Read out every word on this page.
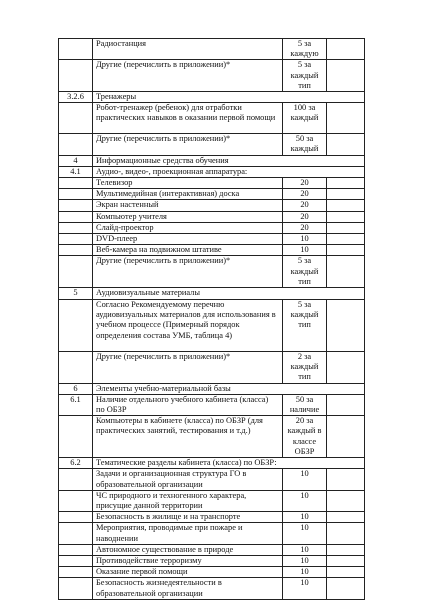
	Радиостанция	5 за каждую	
	Другие (перечислить в приложении)*	5 за каждый тип	
3.2.6	Тренажеры		
	Робот-тренажер (ребенок) для отработки практических навыков в оказании первой помощи	100 за каждый	
	Другие (перечислить в приложении)*	50 за каждый	
4	Информационные средства обучения		
4.1	Аудио-, видео-, проекционная аппаратура:		
	Телевизор	20	
	Мультимедийная (интерактивная) доска	20	
	Экран настенный	20	
	Компьютер учителя	20	
	Слайд-проектор	20	
	DVD-плеер	10	
	Веб-камера на подвижном штативе	10	
	Другие (перечислить в приложении)*	5 за каждый тип	
5	Аудиовизуальные материалы		
	Согласно Рекомендуемому перечню аудиовизуальных материалов для использования в учебном процессе (Примерный порядок определения состава УМБ, таблица 4)	5 за каждый тип	
	Другие (перечислить в приложении)*	2 за каждый тип	
6	Элементы учебно-материальной базы		
6.1	Наличие отдельного учебного кабинета (класса) по ОБЗР	50 за наличие	
	Компьютеры в кабинете (класса) по ОБЗР (для практических занятий, тестирования и т.д.)	20 за каждый в классе ОБЗР	
6.2	Тематические разделы кабинета (класса) по ОБЗР:		
	Задачи и организационная структура ГО в образовательной организации	10	
	ЧС природного и техногенного характера, присущие данной территории	10	
	Безопасность в жилище и на транспорте	10	
	Мероприятия, проводимые при пожаре и наводнении	10	
	Автономное существование в природе	10	
	Противодействие терроризму	10	
	Оказание первой помощи	10	
	Безопасность жизнедеятельности в образовательной организации	10	
